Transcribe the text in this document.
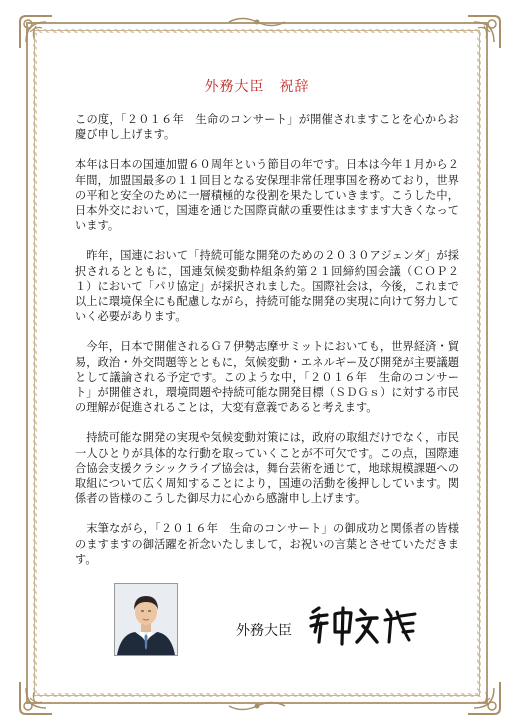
外務大臣　祝辞

この度，「２０１６年　生命のコンサート」が開催されますことを心からお慶び申し上げます。

本年は日本の国連加盟６０周年という節目の年です。日本は今年１月から２年間，加盟国最多の１１回目となる安保理非常任理事国を務めており，世界の平和と安全のために一層積極的な役割を果たしていきます。こうした中，日本外交において，国連を通じた国際貢献の重要性はますます大きくなっています。

昨年，国連において「持続可能な開発のための２０３０アジェンダ」が採択されるとともに，国連気候変動枠組条約第２１回締約国会議（ＣＯＰ２１）において「パリ協定」が採択されました。国際社会は，今後，これまで以上に環境保全にも配慮しながら，持続可能な開発の実現に向けて努力していく必要があります。

今年，日本で開催されるＧ７伊勢志摩サミットにおいても，世界経済・貿易，政治・外交問題等とともに，気候変動・エネルギー及び開発が主要議題として議論される予定です。このような中，「２０１６年　生命のコンサート」が開催され，環境問題や持続可能な開発目標（ＳＤＧｓ）に対する市民の理解が促進されることは，大変有意義であると考えます。

持続可能な開発の実現や気候変動対策には，政府の取組だけでなく，市民一人ひとりが具体的な行動を取っていくことが不可欠です。この点，国際連合協会支援クラシックライブ協会は，舞台芸術を通じて，地球規模課題への取組について広く周知することにより，国連の活動を後押ししています。関係者の皆様のこうした御尽力に心から感謝申し上げます。

末筆ながら，「２０１６年　生命のコンサート」の御成功と関係者の皆様のますますの御活躍を祈念いたしまして，お祝いの言葉とさせていただきます。

外務大臣
